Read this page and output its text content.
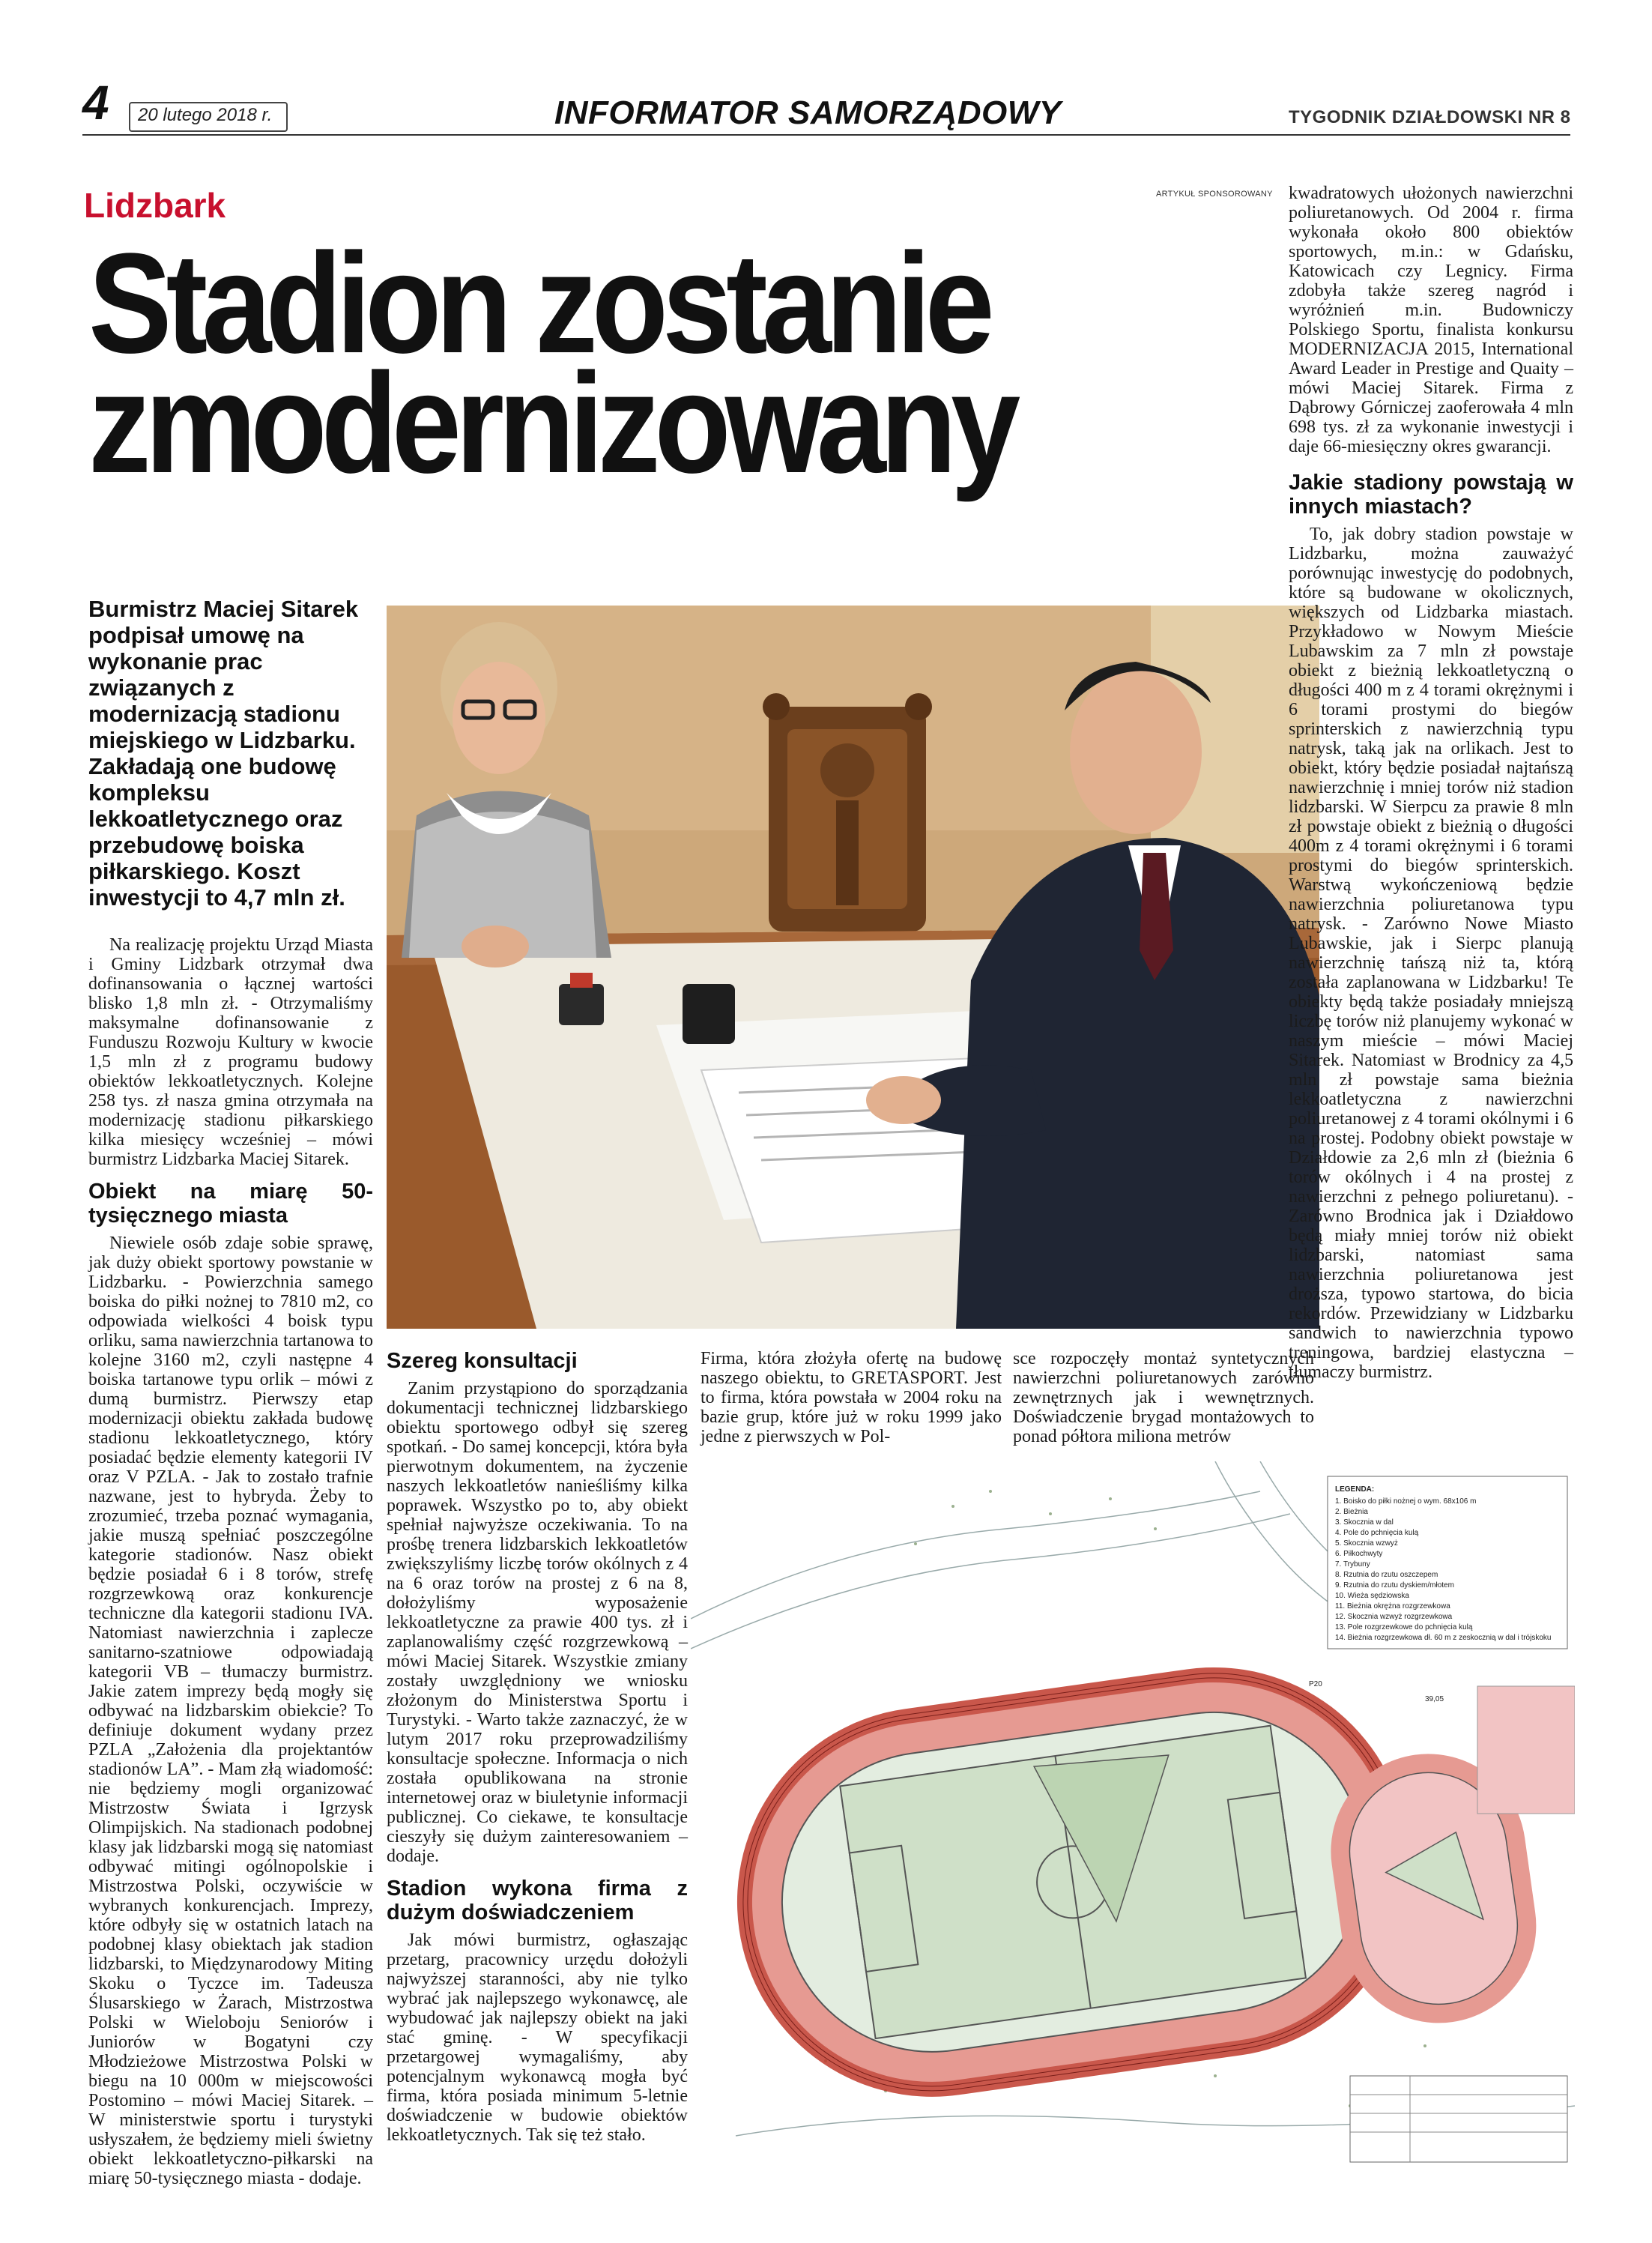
4 20 lutego 2018 r.	INFORMATOR SAMORZĄDOWY	TYGODNIK DZIAŁDOWSKI NR 8
Lidzbark	ARTYKUŁ SPONSOROWANY
Stadion zostanie
zmodernizowany

Burmistrz Maciej Sitarek podpisał umowę na wykonanie prac związanych z modernizacją stadionu miejskiego w Lidzbarku. Zakładają one budowę kompleksu lekkoatletycznego oraz przebudowę boiska piłkarskiego. Koszt inwestycji to 4,7 mln zł.

Na realizację projektu Urząd Miasta i Gminy Lidzbark otrzymał dwa dofinansowania o łącznej wartości blisko 1,8 mln zł. - Otrzymaliśmy maksymalne dofinansowanie z Funduszu Rozwoju Kultury w kwocie 1,5 mln zł z programu budowy obiektów lekkoatletycznych. Kolejne 258 tys. zł nasza gmina otrzymała na modernizację stadionu piłkarskiego kilka miesięcy wcześniej – mówi burmistrz Lidzbarka Maciej Sitarek.

Obiekt na miarę 50-tysięcznego miasta

Niewiele osób zdaje sobie sprawę, jak duży obiekt sportowy powstanie w Lidzbarku. - Powierzchnia samego boiska do piłki nożnej to 7810 m2, co odpowiada wielkości 4 boisk typu orliku, sama nawierzchnia tartanowa to kolejne 3160 m2, czyli następne 4 boiska tartanowe typu orlik – mówi z dumą burmistrz. Pierwszy etap modernizacji obiektu zakłada budowę stadionu lekkoatletycznego, który posiadać będzie elementy kategorii IV oraz V PZLA. - Jak to zostało trafnie nazwane, jest to hybryda. Żeby to zrozumieć, trzeba poznać wymagania, jakie muszą spełniać poszczególne kategorie stadionów. Nasz obiekt będzie posiadał 6 i 8 torów, strefę rozgrzewkową oraz konkurencje techniczne dla kategorii stadionu IVA. Natomiast nawierzchnia i zaplecze sanitarno-szatniowe odpowiadają kategorii VB – tłumaczy burmistrz. Jakie zatem imprezy będą mogły się odbywać na lidzbarskim obiekcie? To definiuje dokument wydany przez PZLA „Założenia dla projektantów stadionów LA”. - Mam złą wiadomość: nie będziemy mogli organizować Mistrzostw Świata i Igrzysk Olimpijskich. Na stadionach podobnej klasy jak lidzbarski mogą się natomiast odbywać mitingi ogólnopolskie i Mistrzostwa Polski, oczywiście w wybranych konkurencjach. Imprezy, które odbyły się w ostatnich latach na podobnej klasy obiektach jak stadion lidzbarski, to Międzynarodowy Miting Skoku o Tyczce im. Tadeusza Ślusarskiego w Żarach, Mistrzostwa Polski w Wieloboju Seniorów i Juniorów w Bogatyni czy Młodzieżowe Mistrzostwa Polski w biegu na 10 000m w miejscowości Postomino – mówi Maciej Sitarek. – W ministerstwie sportu i turystyki usłyszałem, że będziemy mieli świetny obiekt lekkoatletyczno-piłkarski na miarę 50-tysięcznego miasta - dodaje.

Szereg konsultacji

Zanim przystąpiono do sporządzania dokumentacji technicznej lidzbarskiego obiektu sportowego odbył się szereg spotkań. - Do samej koncepcji, która była pierwotnym dokumentem, na życzenie naszych lekkoatletów nanieśliśmy kilka poprawek. Wszystko po to, aby obiekt spełniał najwyższe oczekiwania. To na prośbę trenera lidzbarskich lekkoatletów zwiększyliśmy liczbę torów okólnych z 4 na 6 oraz torów na prostej z 6 na 8, dołożyliśmy wyposażenie lekkoatletyczne za prawie 400 tys. zł i zaplanowaliśmy część rozgrzewkową – mówi Maciej Sitarek. Wszystkie zmiany zostały uwzględniony we wniosku złożonym do Ministerstwa Sportu i Turystyki. - Warto także zaznaczyć, że w lutym 2017 roku przeprowadziliśmy konsultacje społeczne. Informacja o nich została opublikowana na stronie internetowej oraz w biuletynie informacji publicznej. Co ciekawe, te konsultacje cieszyły się dużym zainteresowaniem – dodaje.

Stadion wykona firma z dużym doświadczeniem

Jak mówi burmistrz, ogłaszając przetarg, pracownicy urzędu dołożyli najwyższej staranności, aby nie tylko wybrać jak najlepszego wykonawcę, ale wybudować jak najlepszy obiekt na jaki stać gminę. - W specyfikacji przetargowej wymagaliśmy, aby potencjalnym wykonawcą mogła być firma, która posiada minimum 5-letnie doświadczenie w budowie obiektów lekkoatletycznych. Tak się też stało.

Firma, która złożyła ofertę na budowę naszego obiektu, to GRETASPORT. Jest to firma, która powstała w 2004 roku na bazie grup, które już w roku 1999 jako jedne z pierwszych w Pol-

sce rozpoczęły montaż syntetycznych nawierzchni poliuretanowych zarówno zewnętrznych jak i wewnętrznych. Doświadczenie brygad montażowych to ponad półtora miliona metrów

kwadratowych ułożonych nawierzchni poliuretanowych. Od 2004 r. firma wykonała około 800 obiektów sportowych, m.in.: w Gdańsku, Katowicach czy Legnicy. Firma zdobyła także szereg nagród i wyróżnień m.in. Budowniczy Polskiego Sportu, finalista konkursu MODERNIZACJA 2015, International Award Leader in Prestige and Quaity – mówi Maciej Sitarek. Firma z Dąbrowy Górniczej zaoferowała 4 mln 698 tys. zł za wykonanie inwestycji i daje 66-miesięczny okres gwarancji.

Jakie stadiony powstają w innych miastach?

To, jak dobry stadion powstaje w Lidzbarku, można zauważyć porównując inwestycję do podobnych, które są budowane w okolicznych, większych od Lidzbarka miastach. Przykładowo w Nowym Mieście Lubawskim za 7 mln zł powstaje obiekt z bieżnią lekkoatletyczną o długości 400 m z 4 torami okrężnymi i 6 torami prostymi do biegów sprinterskich z nawierzchnią typu natrysk, taką jak na orlikach. Jest to obiekt, który będzie posiadał najtańszą nawierzchnię i mniej torów niż stadion lidzbarski. W Sierpcu za prawie 8 mln zł powstaje obiekt z bieżnią o długości 400m z 4 torami okrężnymi i 6 torami prostymi do biegów sprinterskich. Warstwą wykończeniową będzie nawierzchnia poliuretanowa typu natrysk. - Zarówno Nowe Miasto Lubawskie, jak i Sierpc planują nawierzchnię tańszą niż ta, którą została zaplanowana w Lidzbarku! Te obiekty będą także posiadały mniejszą liczbę torów niż planujemy wykonać w naszym mieście – mówi Maciej Sitarek. Natomiast w Brodnicy za 4,5 mln zł powstaje sama bieżnia lekkoatletyczna z nawierzchni poliuretanowej z 4 torami okólnymi i 6 na prostej. Podobny obiekt powstaje w Działdowie za 2,6 mln zł (bieżnia 6 torów okólnych i 4 na prostej z nawierzchni z pełnego poliuretanu). - Zarówno Brodnica jak i Działdowo będą miały mniej torów niż obiekt lidzbarski, natomiast sama nawierzchnia poliuretanowa jest droższa, typowo startowa, do bicia rekordów. Przewidziany w Lidzbarku sandwich to nawierzchnia typowo treningowa, bardziej elastyczna – tłumaczy burmistrz.

P20
39,05
LEGENDA:
1. Boisko do piłki nożnej o wym. 68x106 m
2. Bieżnia
3. Skocznia w dal
4. Pole do pchnięcia kulą
5. Skocznia wzwyż
6. Piłkochwyty
7. Trybuny
8. Rzutnia do rzutu oszczepem
9. Rzutnia do rzutu dyskiem/młotem
10. Wieża sędziowska
11. Bieżnia okrężna rozgrzewkowa
12. Skocznia wzwyż rozgrzewkowa
13. Pole rozgrzewkowe do pchnięcia kulą
14. Bieżnia rozgrzewkowa dł. 60 m z zeskocznią w dal i trójskoku
